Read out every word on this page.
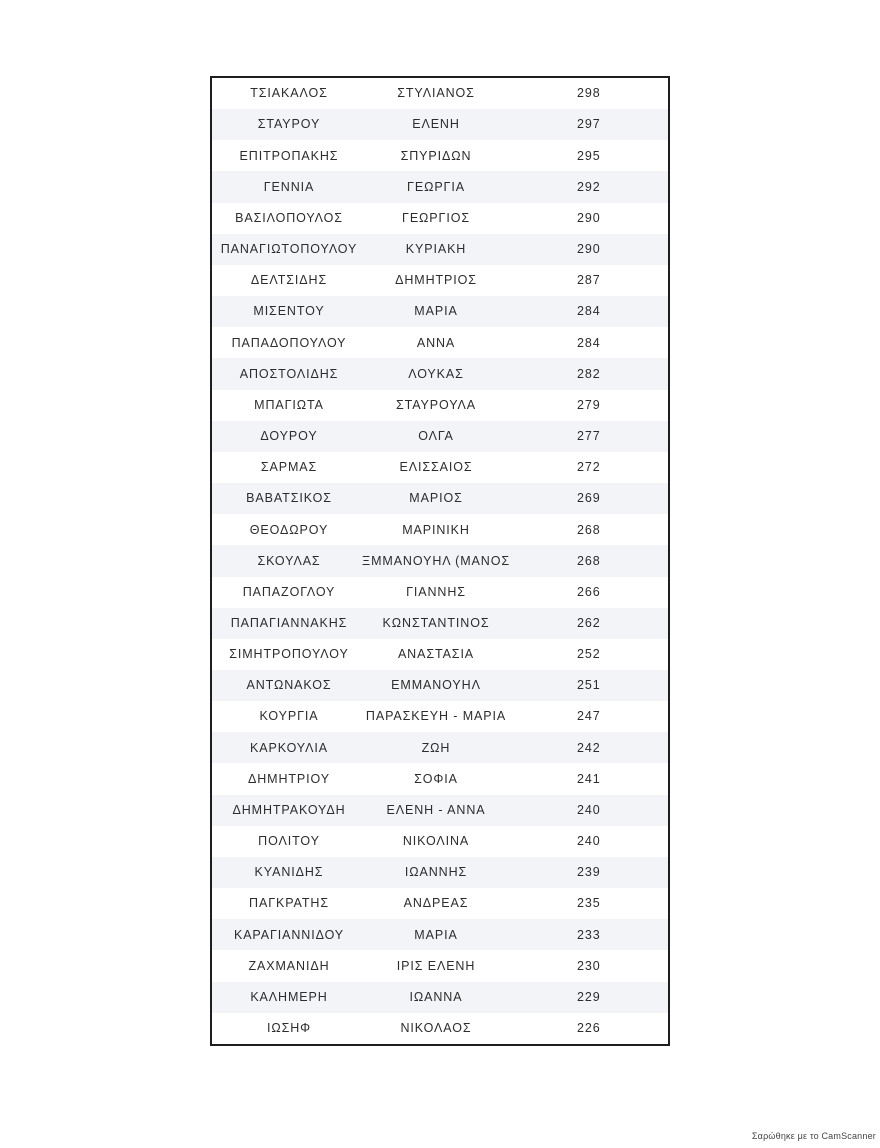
ΤΣΙΑΚΑΛΟΣ	ΣΤΥΛΙΑΝΟΣ	298
ΣΤΑΥΡΟΥ	ΕΛΕΝΗ	297
ΕΠΙΤΡΟΠΑΚΗΣ	ΣΠΥΡΙΔΩΝ	295
ΓΕΝΝΙΑ	ΓΕΩΡΓΙΑ	292
ΒΑΣΙΛΟΠΟΥΛΟΣ	ΓΕΩΡΓΙΟΣ	290
ΠΑΝΑΓΙΩΤΟΠΟΥΛΟΥ	ΚΥΡΙΑΚΗ	290
ΔΕΛΤΣΙΔΗΣ	ΔΗΜΗΤΡΙΟΣ	287
ΜΙΣΕΝΤΟΥ	ΜΑΡΙΑ	284
ΠΑΠΑΔΟΠΟΥΛΟΥ	ΑΝΝΑ	284
ΑΠΟΣΤΟΛΙΔΗΣ	ΛΟΥΚΑΣ	282
ΜΠΑΓΙΩΤΑ	ΣΤΑΥΡΟΥΛΑ	279
ΔΟΥΡΟΥ	ΟΛΓΑ	277
ΣΑΡΜΑΣ	ΕΛΙΣΣΑΙΟΣ	272
ΒΑΒΑΤΣΙΚΟΣ	ΜΑΡΙΟΣ	269
ΘΕΟΔΩΡΟΥ	ΜΑΡΙΝΙΚΗ	268
ΣΚΟΥΛΑΣ	ΞΜΜΑΝΟΥΗΛ (ΜΑΝΟΣ	268
ΠΑΠΑΖΟΓΛΟΥ	ΓΙΑΝΝΗΣ	266
ΠΑΠΑΓΙΑΝΝΑΚΗΣ	ΚΩΝΣΤΑΝΤΙΝΟΣ	262
ΣΙΜΗΤΡΟΠΟΥΛΟΥ	ΑΝΑΣΤΑΣΙΑ	252
ΑΝΤΩΝΑΚΟΣ	ΕΜΜΑΝΟΥΗΛ	251
ΚΟΥΡΓΙΑ	ΠΑΡΑΣΚΕΥΗ - ΜΑΡΙΑ	247
ΚΑΡΚΟΥΛΙΑ	ΖΩΗ	242
ΔΗΜΗΤΡΙΟΥ	ΣΟΦΙΑ	241
ΔΗΜΗΤΡΑΚΟΥΔΗ	ΕΛΕΝΗ - ΑΝΝΑ	240
ΠΟΛΙΤΟΥ	ΝΙΚΟΛΙΝΑ	240
ΚΥΑΝΙΔΗΣ	ΙΩΑΝΝΗΣ	239
ΠΑΓΚΡΑΤΗΣ	ΑΝΔΡΕΑΣ	235
ΚΑΡΑΓΙΑΝΝΙΔΟΥ	ΜΑΡΙΑ	233
ΖΑΧΜΑΝΙΔΗ	ΙΡΙΣ ΕΛΕΝΗ	230
ΚΑΛΗΜΕΡΗ	ΙΩΑΝΝΑ	229
ΙΩΣΗΦ	ΝΙΚΟΛΑΟΣ	226
Σαρώθηκε με το CamScanner
